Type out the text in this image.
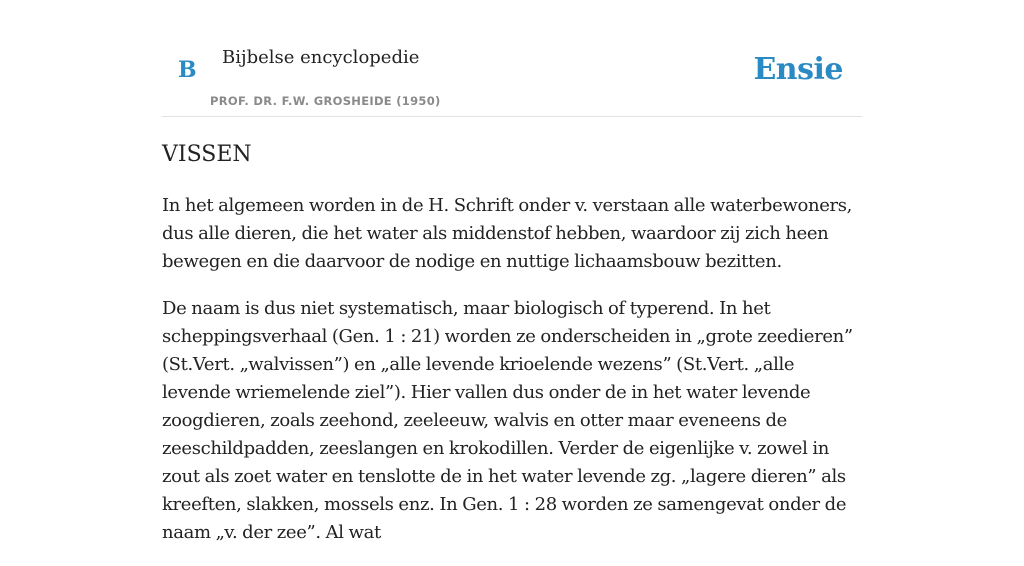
B Bijbelse encyclopedie
PROF. DR. F.W. GROSHEIDE (1950)
Ensie
VISSEN

In het algemeen worden in de H. Schrift onder v. verstaan alle waterbewoners, dus alle dieren, die het water als middenstof hebben, waardoor zij zich heen bewegen en die daarvoor de nodige en nuttige lichaamsbouw bezitten.

De naam is dus niet systematisch, maar biologisch of typerend. In het scheppingsverhaal (Gen. 1 : 21) worden ze onderscheiden in „grote zeedieren” (St.Vert. „walvissen”) en „alle levende krioelende wezens” (St.Vert. „alle levende wriemelende ziel”). Hier vallen dus onder de in het water levende zoogdieren, zoals zeehond, zeeleeuw, walvis en otter maar eveneens de zeeschildpadden, zeeslangen en krokodillen. Verder de eigenlijke v. zowel in zout als zoet water en tenslotte de in het water levende zg. „lagere dieren” als kreeften, slakken, mossels enz. In Gen. 1 : 28 worden ze samengevat onder de naam „v. der zee”. Al wat
